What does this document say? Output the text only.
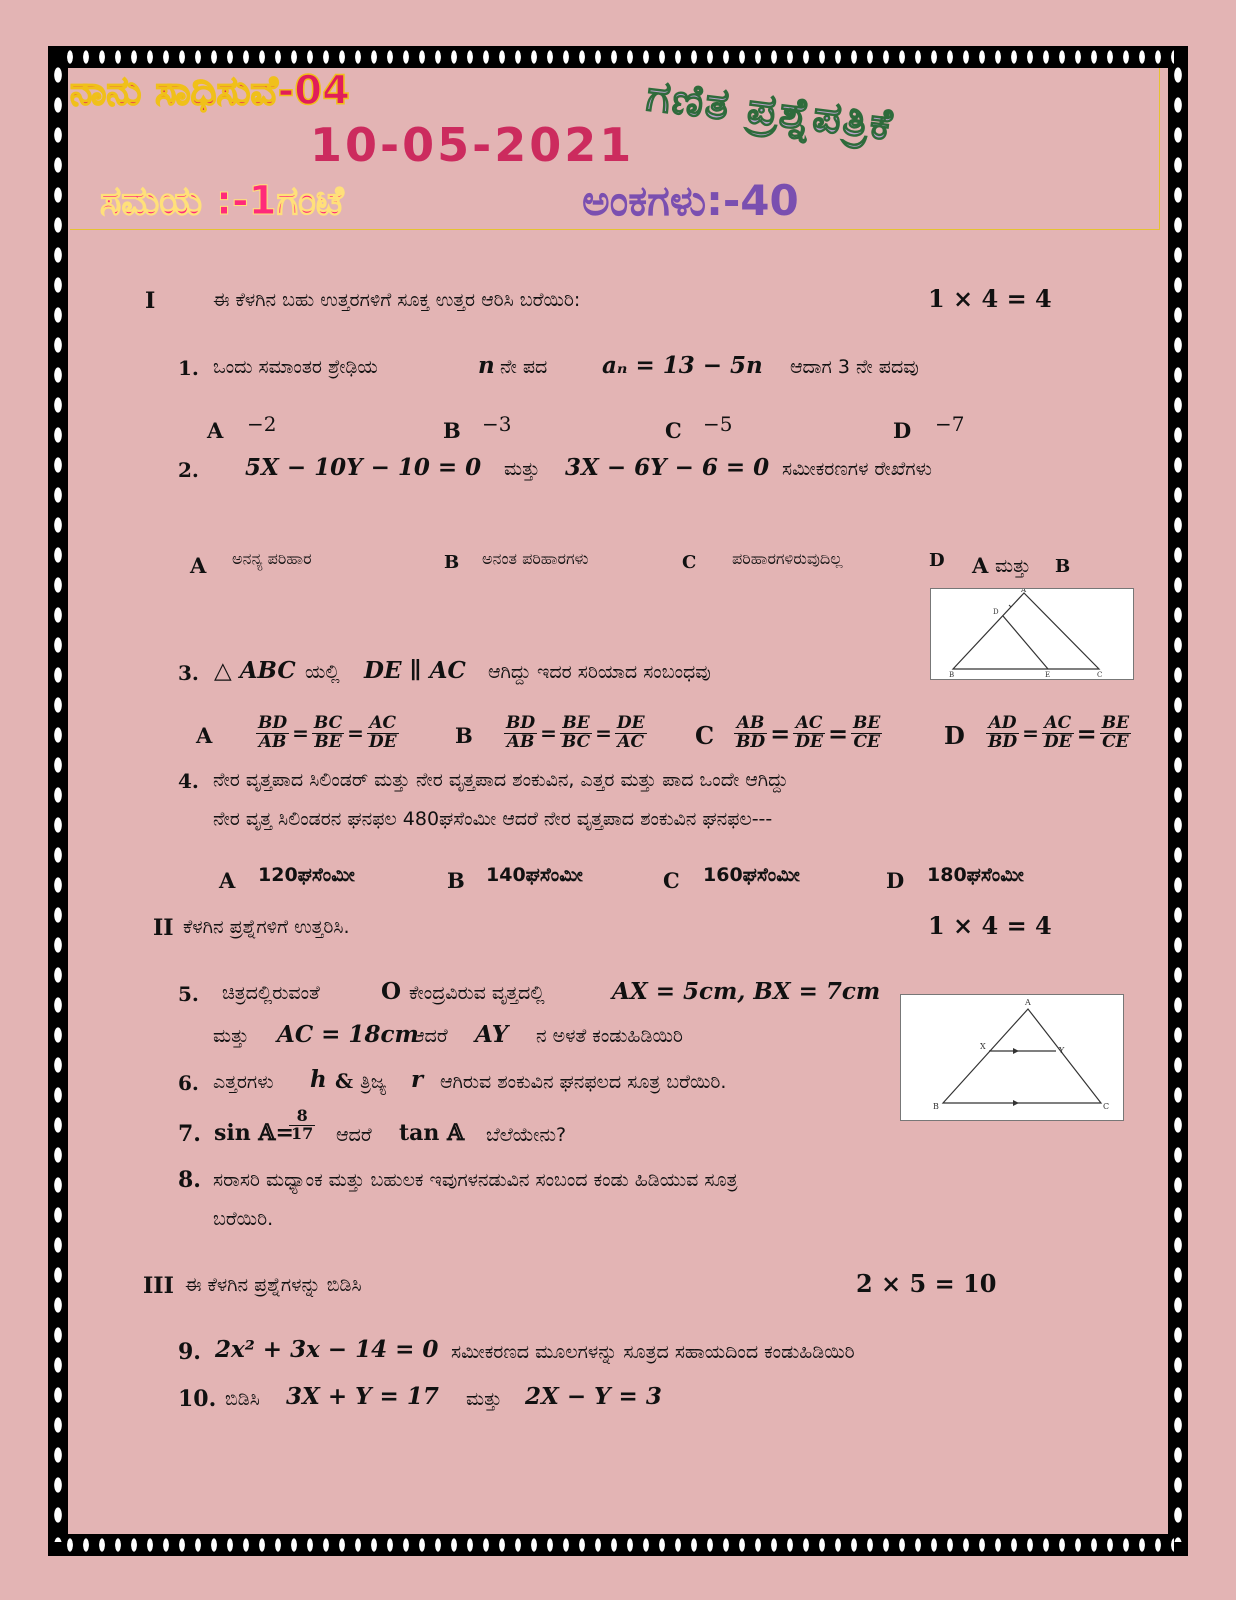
ನಾನು ಸಾಧಿಸುವೆ-04	ಗಣಿತ ಪ್ರಶ್ನೆಪತ್ರಿಕೆ
10-05-2021
ಸಮಯ :-1ಗಂಟೆ	ಅಂಕಗಳು:-40
I	ಈ ಕೆಳಗಿನ ಬಹು ಉತ್ತರಗಳಿಗೆ ಸೂಕ್ತ ಉತ್ತರ ಆರಿಸಿ ಬರೆಯಿರಿ:	1 × 4 = 4
1. ಒಂದು ಸಮಾಂತರ ಶ್ರೇಢಿಯ	n ನೇ ಪದ aₙ = 13 − 5n ಆದಾಗ 3 ನೇ ಪದವು
A −2	B −3	C −5	D −7
2. 5X − 10Y − 10 = 0 ಮತ್ತು 3X − 6Y − 6 = 0 ಸಮೀಕರಣಗಳ ರೇಖೆಗಳು
A ಅನನ್ಯ ಪರಿಹಾರ	B ಅನಂತ ಪರಿಹಾರಗಳು	C ಪರಿಹಾರಗಳಿರುವುದಿಲ್ಲ	D A ಮತ್ತು B
A
D
B	E	C
3. △ ABC ಯಲ್ಲಿ DE ∥ AC ಆಗಿದ್ದು ಇದರ ಸರಿಯಾದ ಸಂಬಂಧವು
A	$\frac{BD}{AB} = \frac{BC}{BE} = \frac{AC}{DE}$	B $\frac{BD}{AB} = \frac{BE}{BC} = \frac{DE}{AC}$ C $\frac{AB}{BD} = \frac{AC}{DE} = \frac{BE}{CE}$	D $\frac{AD}{BD} = \frac{AC}{DE} = \frac{BE}{CE}$
4. ನೇರ ವೃತ್ತಪಾದ ಸಿಲಿಂಡರ್ ಮತ್ತು ನೇರ ವೃತ್ತಪಾದ ಶಂಕುವಿನ, ಎತ್ತರ ಮತ್ತು ಪಾದ ಒಂದೇ ಆಗಿದ್ದು
ನೇರ ವೃತ್ತ ಸಿಲಿಂಡರನ ಘನಫಲ 480ಘಸೆಂಮೀ ಆದರೆ ನೇರ ವೃತ್ತಪಾದ ಶಂಕುವಿನ ಘನಫಲ---
A 120ಘಸೆಂಮೀ	B 140ಘಸೆಂಮೀ	C 160ಘಸೆಂಮೀ	D 180ಘಸೆಂಮೀ
II ಕೆಳಗಿನ ಪ್ರಶ್ನೆಗಳಿಗೆ ಉತ್ತರಿಸಿ.	1 × 4 = 4
A
X	Y
B	C
5. ಚಿತ್ರದಲ್ಲಿರುವಂತೆ	O ಕೇಂದ್ರವಿರುವ ವೃತ್ತದಲ್ಲಿ	AX = 5cm, BX = 7cm
ಮತ್ತು AC = 18cm
ಆದರೆ AY ನ ಅಳತೆ ಕಂಡುಹಿಡಿಯಿರಿ
6. ಎತ್ತರಗಳು h & ತ್ರಿಜ್ಯ r ಆಗಿರುವ ಶಂಕುವಿನ ಘನಫಲದ ಸೂತ್ರ ಬರೆಯಿರಿ.
7. sin 𝔸=
$\frac{8}{17}$ ಆದರೆ tan 𝔸 ಬೆಲೆಯೇನು?
8. ಸರಾಸರಿ ಮಧ್ಯಾಂಕ ಮತ್ತು ಬಹುಲಕ ಇವುಗಳನಡುವಿನ ಸಂಬಂದ ಕಂಡು ಹಿಡಿಯುವ ಸೂತ್ರ
ಬರೆಯಿರಿ.
III ಈ ಕೆಳಗಿನ ಪ್ರಶ್ನೆಗಳನ್ನು ಬಿಡಿಸಿ	2 × 5 = 10
9. 2x² + 3x − 14 = 0 ಸಮೀಕರಣದ ಮೂಲಗಳನ್ನು ಸೂತ್ರದ ಸಹಾಯದಿಂದ ಕಂಡುಹಿಡಿಯಿರಿ
10. ಬಿಡಿಸಿ 3X + Y = 17 ಮತ್ತು 2X − Y = 3
